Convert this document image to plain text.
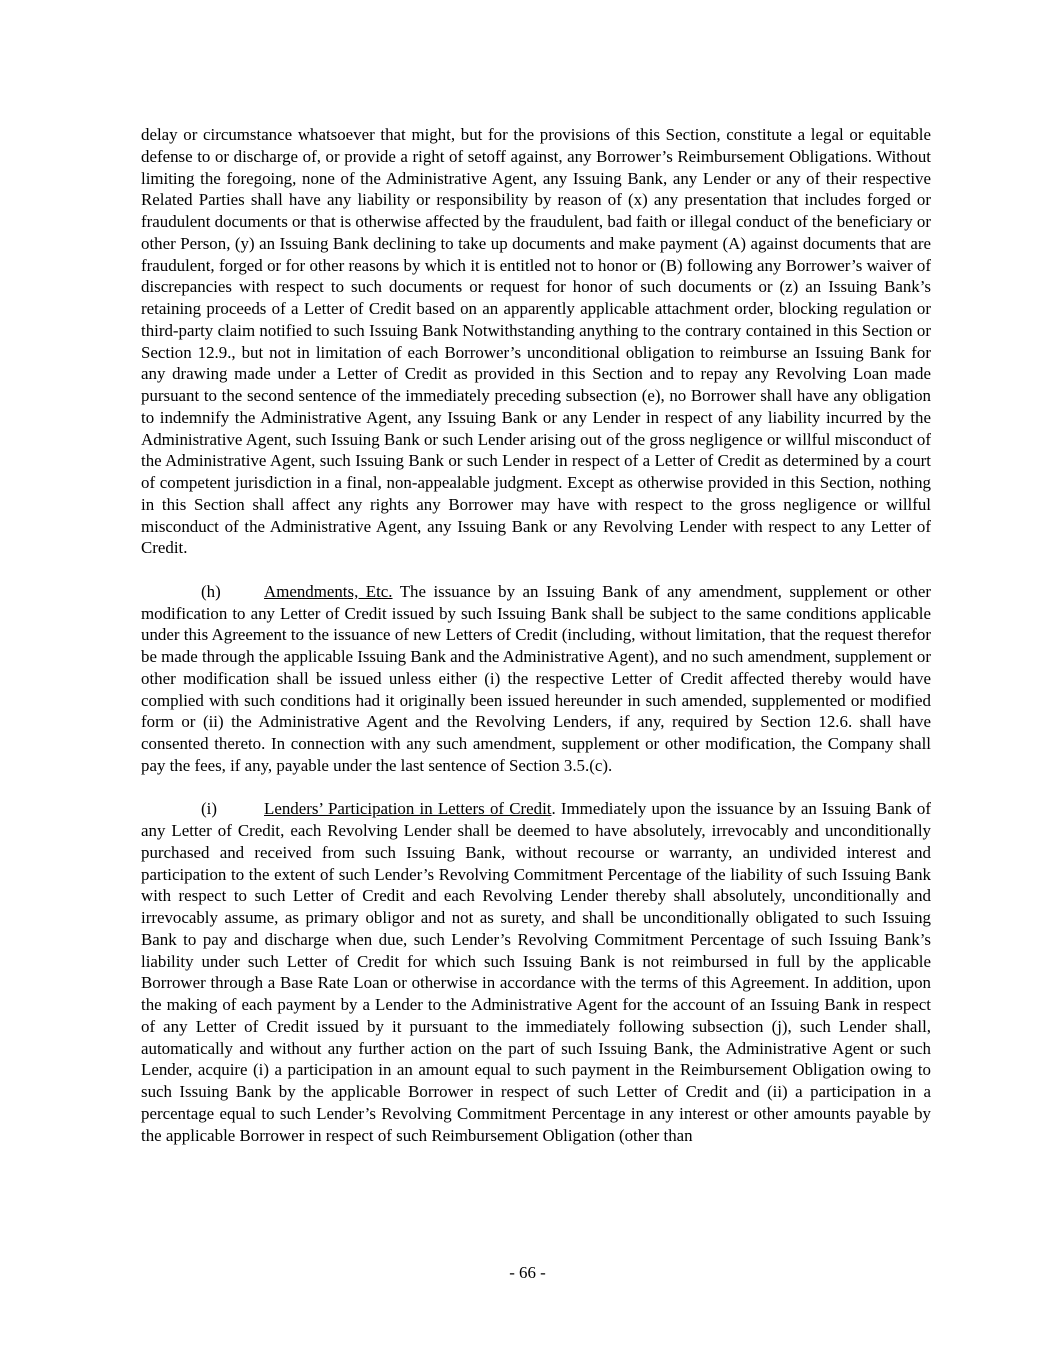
delay or circumstance whatsoever that might, but for the provisions of this Section, constitute a legal or equitable defense to or discharge of, or provide a right of setoff against, any Borrower’s Reimbursement Obligations. Without limiting the foregoing, none of the Administrative Agent, any Issuing Bank, any Lender or any of their respective Related Parties shall have any liability or responsibility by reason of (x) any presentation that includes forged or fraudulent documents or that is otherwise affected by the fraudulent, bad faith or illegal conduct of the beneficiary or other Person, (y) an Issuing Bank declining to take up documents and make payment (A) against documents that are fraudulent, forged or for other reasons by which it is entitled not to honor or (B) following any Borrower’s waiver of discrepancies with respect to such documents or request for honor of such documents or (z) an Issuing Bank’s retaining proceeds of a Letter of Credit based on an apparently applicable attachment order, blocking regulation or third-party claim notified to such Issuing Bank Notwithstanding anything to the contrary contained in this Section or Section 12.9., but not in limitation of each Borrower’s unconditional obligation to reimburse an Issuing Bank for any drawing made under a Letter of Credit as provided in this Section and to repay any Revolving Loan made pursuant to the second sentence of the immediately preceding subsection (e), no Borrower shall have any obligation to indemnify the Administrative Agent, any Issuing Bank or any Lender in respect of any liability incurred by the Administrative Agent, such Issuing Bank or such Lender arising out of the gross negligence or willful misconduct of the Administrative Agent, such Issuing Bank or such Lender in respect of a Letter of Credit as determined by a court of competent jurisdiction in a final, non-appealable judgment. Except as otherwise provided in this Section, nothing in this Section shall affect any rights any Borrower may have with respect to the gross negligence or willful misconduct of the Administrative Agent, any Issuing Bank or any Revolving Lender with respect to any Letter of Credit.

(h)	Amendments, Etc. The issuance by an Issuing Bank of any amendment, supplement or other modification to any Letter of Credit issued by such Issuing Bank shall be subject to the same conditions applicable under this Agreement to the issuance of new Letters of Credit (including, without limitation, that the request therefor be made through the applicable Issuing Bank and the Administrative Agent), and no such amendment, supplement or other modification shall be issued unless either (i) the respective Letter of Credit affected thereby would have complied with such conditions had it originally been issued hereunder in such amended, supplemented or modified form or (ii) the Administrative Agent and the Revolving Lenders, if any, required by Section 12.6. shall have consented thereto. In connection with any such amendment, supplement or other modification, the Company shall pay the fees, if any, payable under the last sentence of Section 3.5.(c).

(i)	Lenders’ Participation in Letters of Credit. Immediately upon the issuance by an Issuing Bank of any Letter of Credit, each Revolving Lender shall be deemed to have absolutely, irrevocably and unconditionally purchased and received from such Issuing Bank, without recourse or warranty, an undivided interest and participation to the extent of such Lender’s Revolving Commitment Percentage of the liability of such Issuing Bank with respect to such Letter of Credit and each Revolving Lender thereby shall absolutely, unconditionally and irrevocably assume, as primary obligor and not as surety, and shall be unconditionally obligated to such Issuing Bank to pay and discharge when due, such Lender’s Revolving Commitment Percentage of such Issuing Bank’s liability under such Letter of Credit for which such Issuing Bank is not reimbursed in full by the applicable Borrower through a Base Rate Loan or otherwise in accordance with the terms of this Agreement. In addition, upon the making of each payment by a Lender to the Administrative Agent for the account of an Issuing Bank in respect of any Letter of Credit issued by it pursuant to the immediately following subsection (j), such Lender shall, automatically and without any further action on the part of such Issuing Bank, the Administrative Agent or such Lender, acquire (i) a participation in an amount equal to such payment in the Reimbursement Obligation owing to such Issuing Bank by the applicable Borrower in respect of such Letter of Credit and (ii) a participation in a percentage equal to such Lender’s Revolving Commitment Percentage in any interest or other amounts payable by the applicable Borrower in respect of such Reimbursement Obligation (other than

- 66 -
